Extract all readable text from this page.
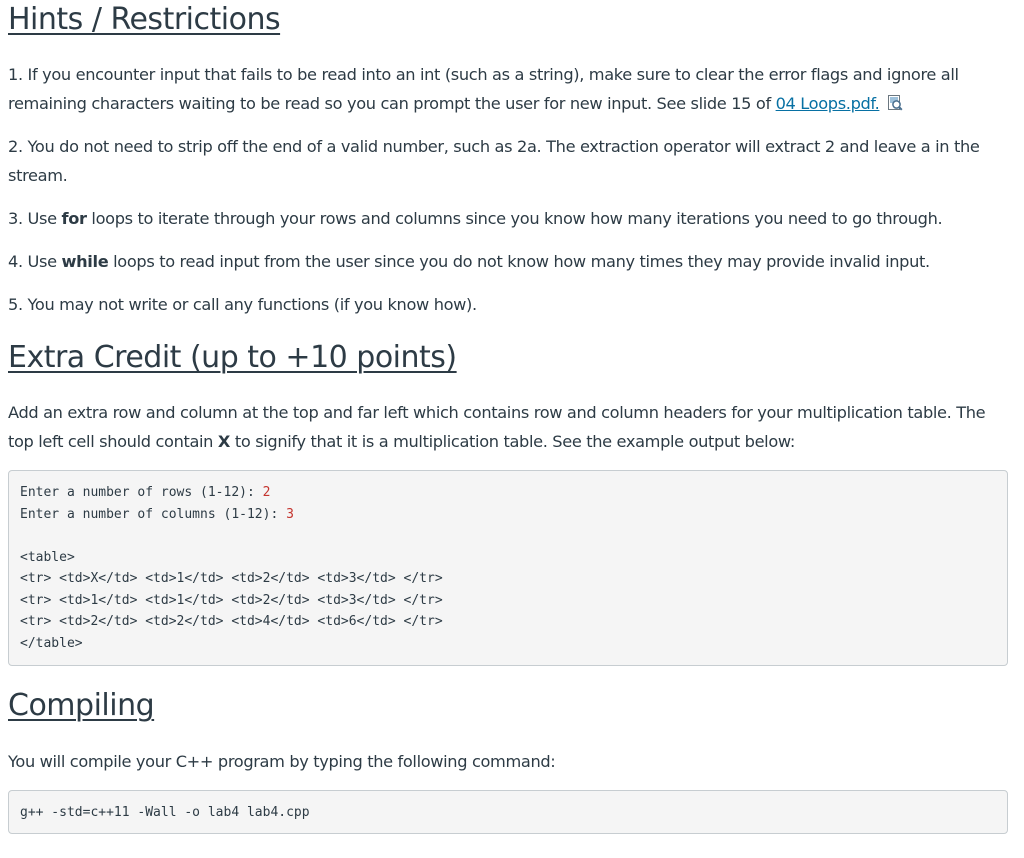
Hints / Restrictions

1. If you encounter input that fails to be read into an int (such as a string), make sure to clear the error flags and ignore all remaining characters waiting to be read so you can prompt the user for new input. See slide 15 of 04 Loops.pdf.

2. You do not need to strip off the end of a valid number, such as 2a. The extraction operator will extract 2 and leave a in the stream.

3. Use for loops to iterate through your rows and columns since you know how many iterations you need to go through.

4. Use while loops to read input from the user since you do not know how many times they may provide invalid input.

5. You may not write or call any functions (if you know how).

Extra Credit (up to +10 points)

Add an extra row and column at the top and far left which contains row and column headers for your multiplication table. The top left cell should contain X to signify that it is a multiplication table. See the example output below:

Enter a number of rows (1-12): 2
Enter a number of columns (1-12): 3
<table>
<tr> <td>X</td> <td>1</td> <td>2</td> <td>3</td> </tr>
<tr> <td>1</td> <td>1</td> <td>2</td> <td>3</td> </tr>
<tr> <td>2</td> <td>2</td> <td>4</td> <td>6</td> </tr>
</table>
Compiling

You will compile your C++ program by typing the following command:

g++ -std=c++11 -Wall -o lab4 lab4.cpp
